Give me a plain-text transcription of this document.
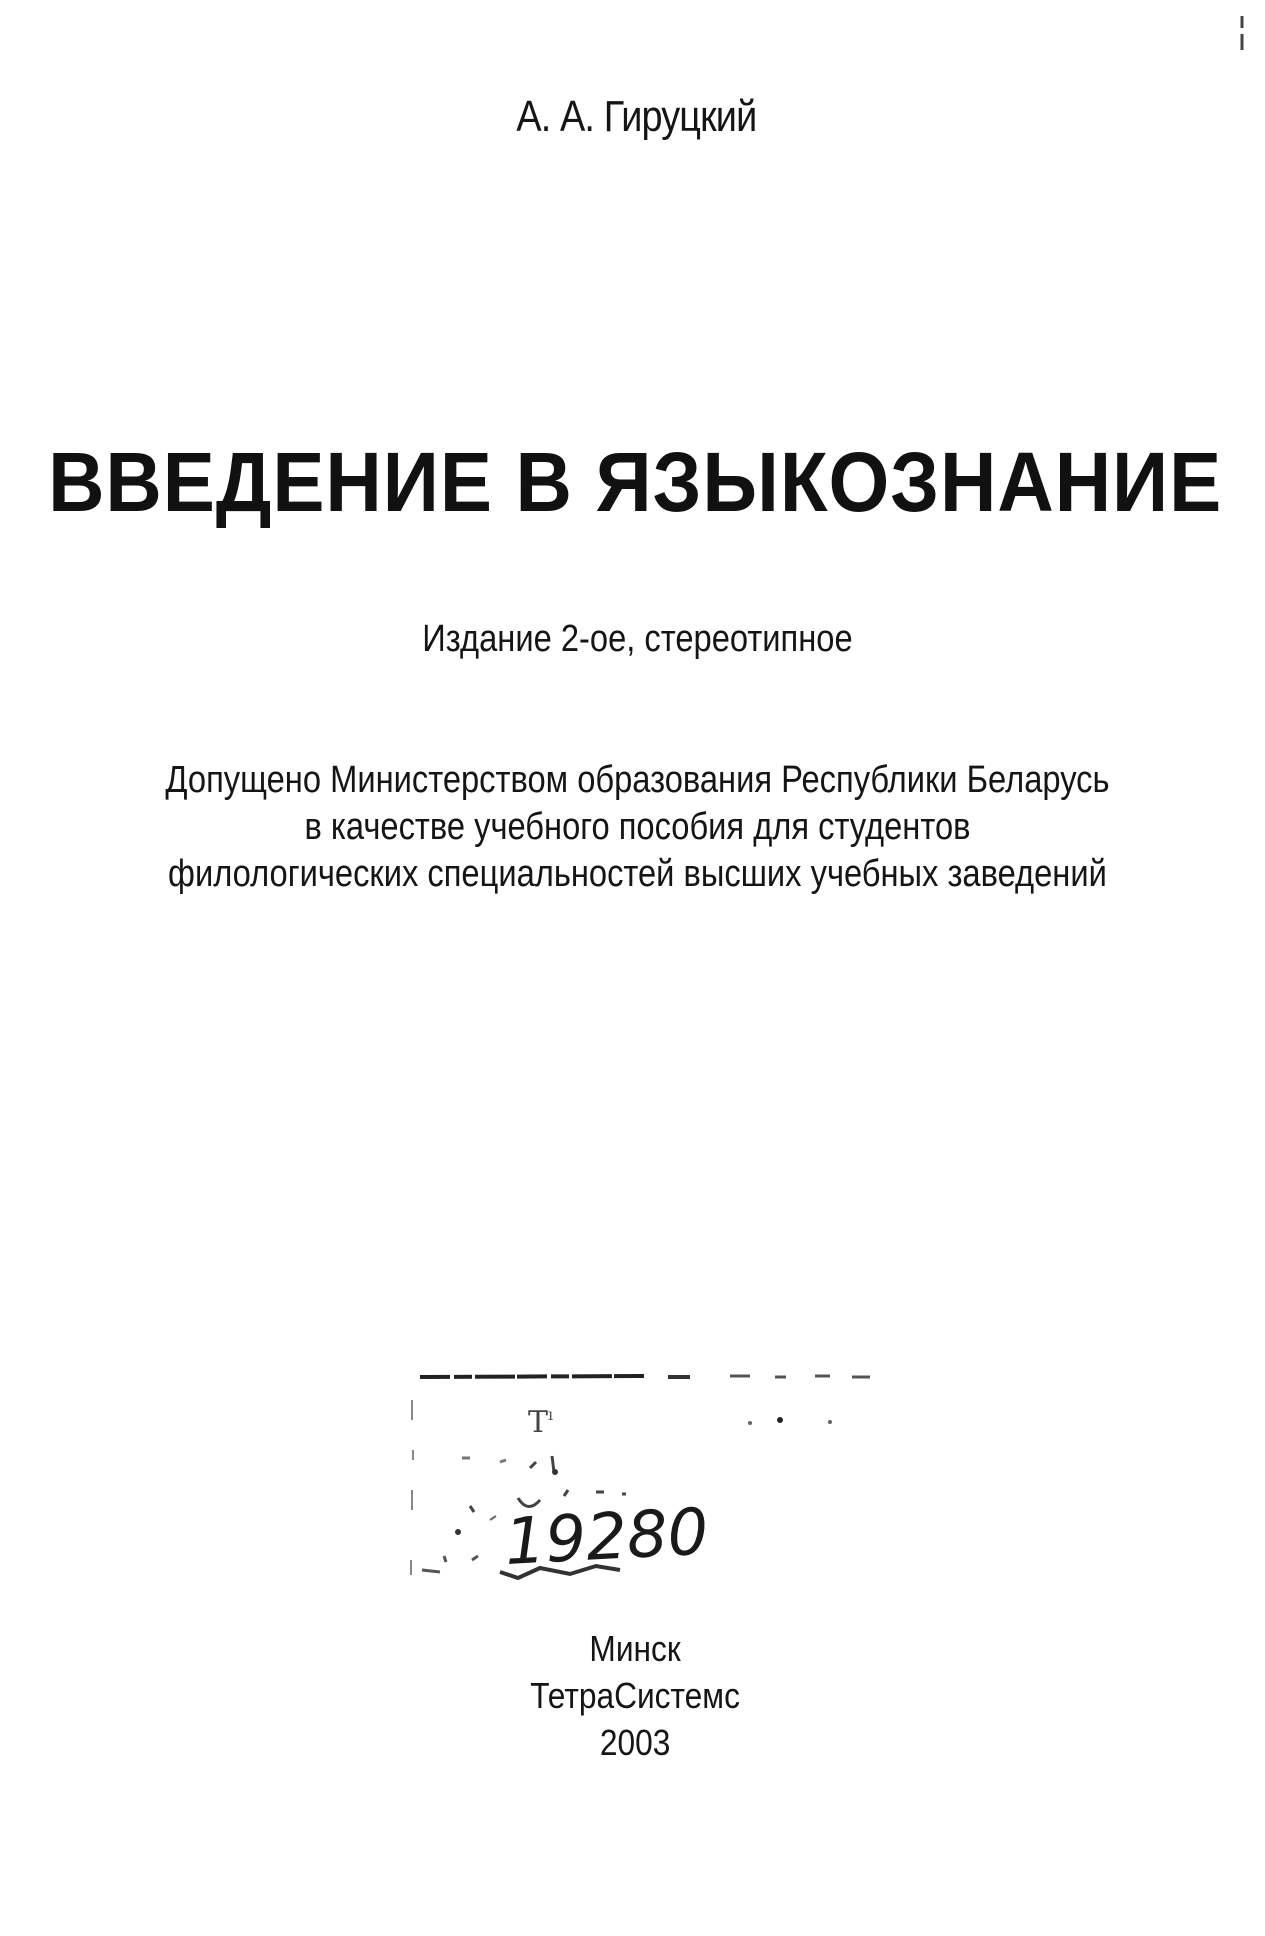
А. А. Гируцкий
ВВЕДЕНИЕ В ЯЗЫКОЗНАНИЕ
Издание 2-ое, стереотипное
Допущено Министерством образования Республики Беларусь
в качестве учебного пособия для студентов
филологических специальностей высших учебных заведений
T ı
19280
Минск
ТетраСистемс
2003
